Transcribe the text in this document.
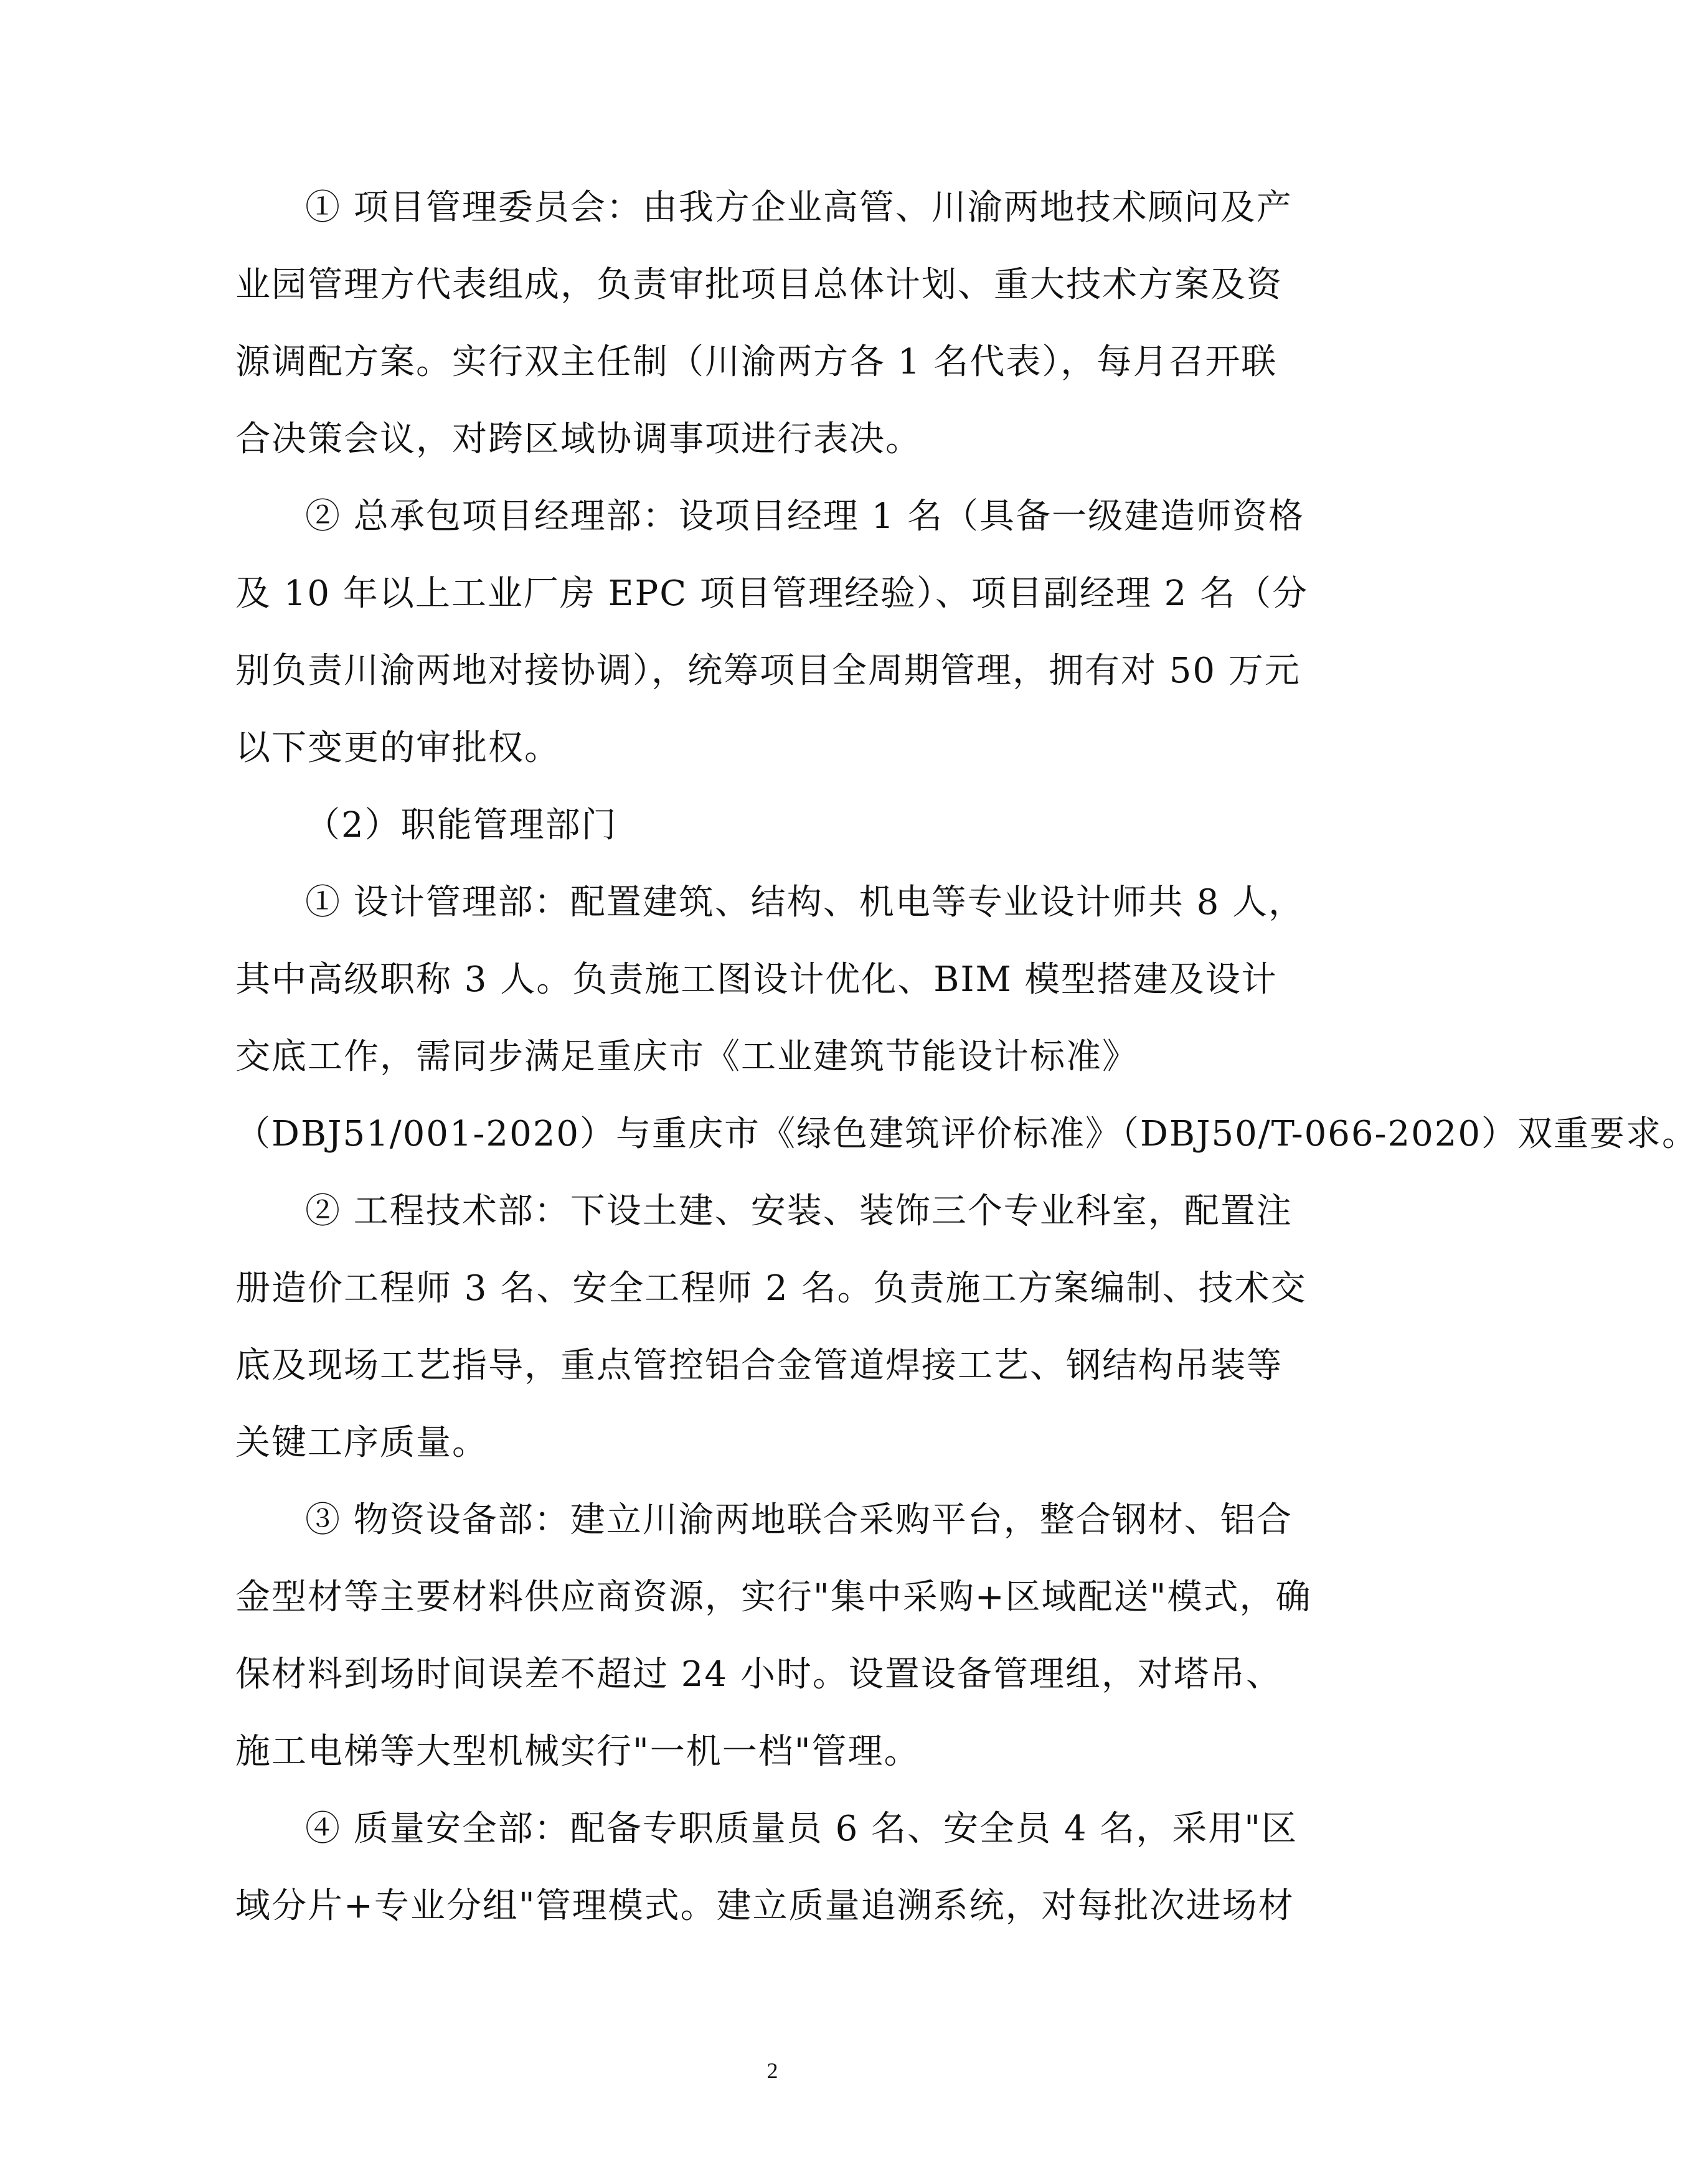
① 项目管理委员会：由我方企业高管、川渝两地技术顾问及产业园管理方代表组成，负责审批项目总体计划、重大技术方案及资源调配方案。实行双主任制（川渝两方各 1 名代表），每月召开联合决策会议，对跨区域协调事项进行表决。

② 总承包项目经理部：设项目经理 1 名（具备一级建造师资格及 10 年以上工业厂房 EPC 项目管理经验）、项目副经理 2 名（分别负责川渝两地对接协调），统筹项目全周期管理，拥有对 50 万元以下变更的审批权。

（2）职能管理部门

① 设计管理部：配置建筑、结构、机电等专业设计师共 8 人，其中高级职称 3 人。负责施工图设计优化、BIM 模型搭建及设计交底工作，需同步满足重庆市《工业建筑节能设计标准》

（DBJ51/001-2020）与重庆市《绿色建筑评价标准》（DBJ50/T-066-2020）双重要求。

② 工程技术部：下设土建、安装、装饰三个专业科室，配置注册造价工程师 3 名、安全工程师 2 名。负责施工方案编制、技术交底及现场工艺指导，重点管控铝合金管道焊接工艺、钢结构吊装等关键工序质量。

③ 物资设备部：建立川渝两地联合采购平台，整合钢材、铝合金型材等主要材料供应商资源，实行"集中采购+区域配送"模式，确保材料到场时间误差不超过 24 小时。设置设备管理组，对塔吊、施工电梯等大型机械实行"一机一档"管理。

④ 质量安全部：配备专职质量员 6 名、安全员 4 名，采用"区域分片+专业分组"管理模式。建立质量追溯系统，对每批次进场材

2
